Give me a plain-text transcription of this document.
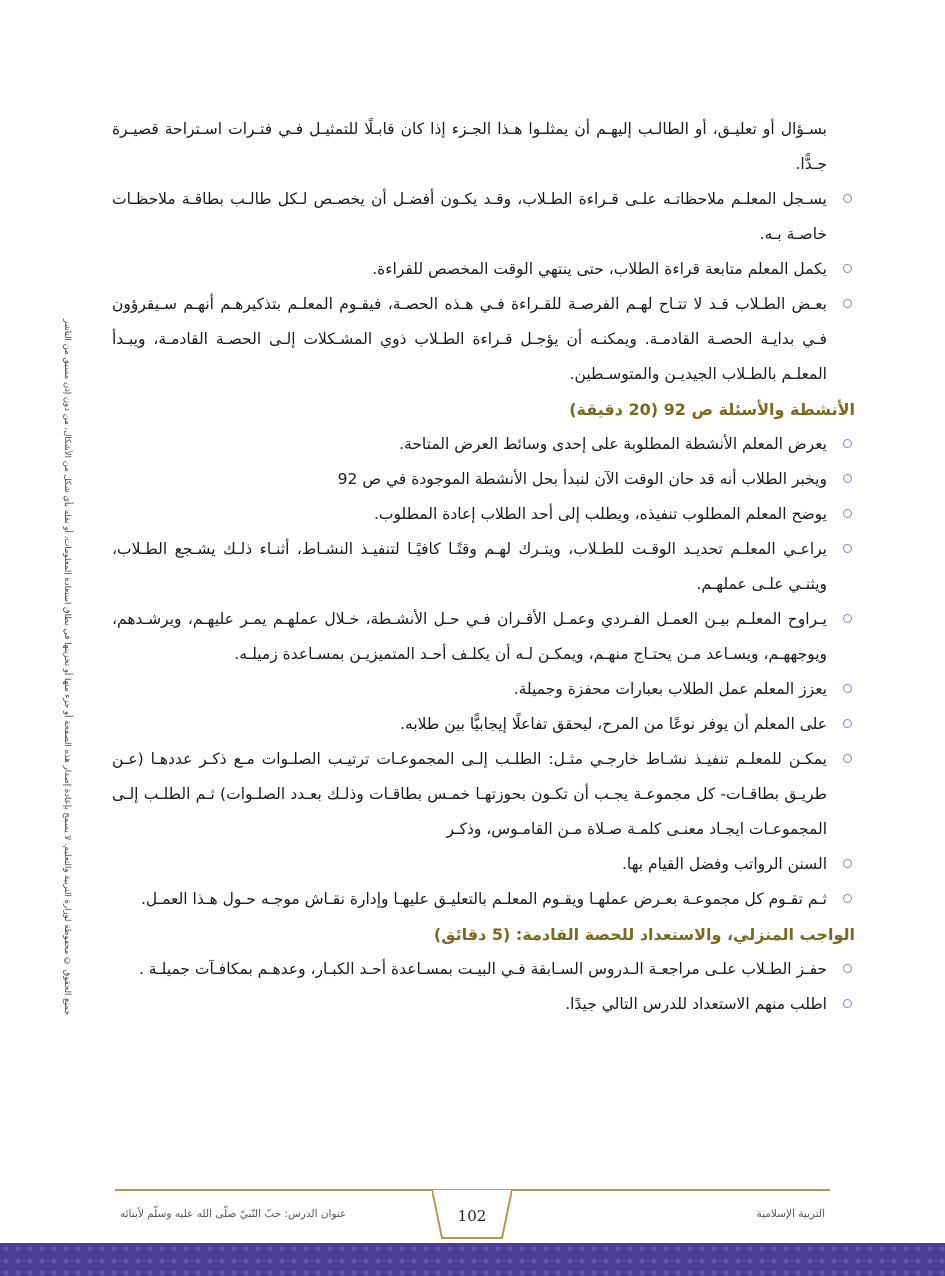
جميع الحقوق © محفوظة لوزارة التربية والتعليم. لا يسمح بإعادة إصدار هذه الصفحة أو جزء منها أو تخزينها في نطاق استعادة المعلومات، أو نقله بأي شكل من الأشكال، من دون إذن مسبق من الناشر

بسـؤال أو تعليـق، أو الطالـب إليهـم أن يمثلـوا هـذا الجـزء إذا كان قابـلًا للتمثيـل فـي فتـرات اسـتراحة قصيـرة جـدًّا.

يسـجل المعلـم ملاحظاتـه علـى قـراءة الطـلاب، وقـد يكـون أفضـل أن يخصـص لـكل طالـب بطاقـة ملاحظـات خاصـة بـه.
يكمل المعلم متابعة قراءة الطلاب، حتى ينتهي الوقت المخصص للقراءة.
بعـض الطـلاب قـد لا تتـاح لهـم الفرصـة للقـراءة فـي هـذه الحصـة، فيقـوم المعلـم بتذكيرهـم أنهـم سـيقرؤون فـي بدايـة الحصـة القادمـة. ويمكنـه أن يؤجـل قـراءة الطـلاب ذوي المشـكلات إلـى الحصـة القادمـة، ويبـدأ المعلـم بالطـلاب الجيديـن والمتوسـطين.
الأنشطة والأسئلة ص 92 (20 دقيقة)
يعرض المعلم الأنشطة المطلوبة على إحدى وسائط العرض المتاحة.
ويخبر الطلاب أنه قد حان الوقت الآن لنبدأ بحل الأنشطة الموجودة في ص 92
يوضح المعلم المطلوب تنفيذه، ويطلب إلى أحد الطلاب إعادة المطلوب.
يراعـي المعلـم تحديـد الوقـت للطـلاب، ويتـرك لهـم وقتًـا كافيًـا لتنفيـذ النشـاط، أثنـاء ذلـك يشـجع الطـلاب، ويثنـي علـى عملهـم.
يـراوح المعلـم بيـن العمـل الفـردي وعمـل الأقـران فـي حـل الأنشـطة، خـلال عملهـم يمـر عليهـم، ويرشـدهم، ويوجههـم، ويسـاعد مـن يحتـاج منهـم، ويمكـن لـه أن يكلـف أحـد المتميزيـن بمسـاعدة زميلـه.
يعزز المعلم عمل الطلاب بعبارات محفزة وجميلة.
على المعلم أن يوفر نوعًا من المرح، ليحقق تفاعلًا إيجابيًّا بين طلابه.
يمكـن للمعلـم تنفيـذ نشـاط خارجـي مثـل: الطلـب إلـى المجموعـات ترتيـب الصلـوات مـع ذكـر عددهـا (عـن طريـق بطاقـات- كل مجموعـة يجـب أن تكـون بحوزتهـا خمـس بطاقـات وذلـك بعـدد الصلـوات) ثـم الطلـب إلـى المجموعـات ايجـاد معنـى كلمـة صـلاة مـن القامـوس، وذكـر
السنن الرواتب وفضل القيام بها.
ثـم تقـوم كل مجموعـة بعـرض عملهـا ويقـوم المعلـم بالتعليـق عليهـا وإدارة نقـاش موجـه حـول هـذا العمـل.
الواجب المنزلي، والاستعداد للحصة القادمة: (5 دقائق)
حفـز الطـلاب علـى مراجعـة الـدروس السـابقة فـي البيـت بمسـاعدة أحـد الكبـار، وعدهـم بمكافـآت جميلـة .
اطلب منهم الاستعداد للدرس التالي جيدًا.
102	التربية الإسلامية
عنوان الدرس: حبّ النّبيّ صلّى الله عليه وسلّم لأبنائه
